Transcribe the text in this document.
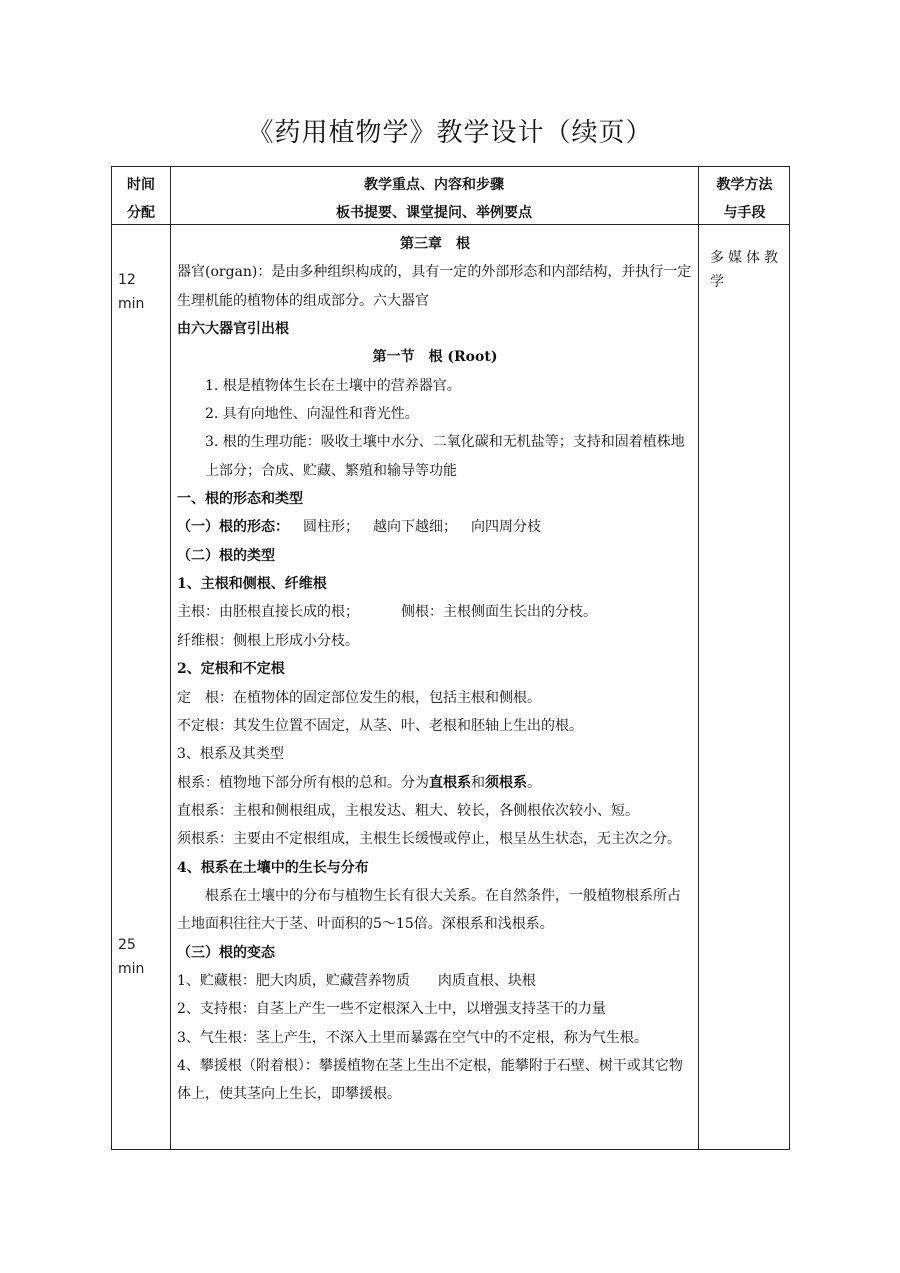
《药用植物学》教学设计（续页）
时间
分配
教学重点、内容和步骤
板书提要、课堂提问、举例要点
教学方法
与手段
12
min
25
min
多媒体教学

第三章　根

器官(organ)：是由多种组织构成的，具有一定的外部形态和内部结构，并执行一定生理机能的植物体的组成部分。六大器官

由六大器官引出根

第一节　根 (Root)

1. 根是植物体生长在土壤中的营养器官。

2. 具有向地性、向湿性和背光性。

3. 根的生理功能：吸收土壤中水分、二氧化碳和无机盐等；支持和固着植株地上部分；合成、贮藏、繁殖和输导等功能

一、根的形态和类型

（一）根的形态： 圆柱形； 越向下越细； 向四周分枝

（二）根的类型

1、主根和侧根、纤维根

主根：由胚根直接长成的根；	侧根：主根侧面生长出的分枝。

纤维根：侧根上形成小分枝。

2、定根和不定根

定　根：在植物体的固定部位发生的根，包括主根和侧根。

不定根：其发生位置不固定，从茎、叶、老根和胚轴上生出的根。

3、根系及其类型

根系：植物地下部分所有根的总和。分为直根系和须根系。

直根系：主根和侧根组成，主根发达、粗大、较长，各侧根依次较小、短。

须根系：主要由不定根组成，主根生长缓慢或停止，根呈丛生状态，无主次之分。

4、根系在土壤中的生长与分布

根系在土壤中的分布与植物生长有很大关系。在自然条件，一般植物根系所占土地面积往往大于茎、叶面积的5～15倍。深根系和浅根系。

（三）根的变态

1、贮藏根：肥大肉质，贮藏营养物质　　肉质直根、块根

2、支持根：自茎上产生一些不定根深入土中，以增强支持茎干的力量

3、气生根：茎上产生，不深入土里而暴露在空气中的不定根，称为气生根。

4、攀援根（附着根）：攀援植物在茎上生出不定根，能攀附于石壁、树干或其它物体上，使其茎向上生长，即攀援根。
